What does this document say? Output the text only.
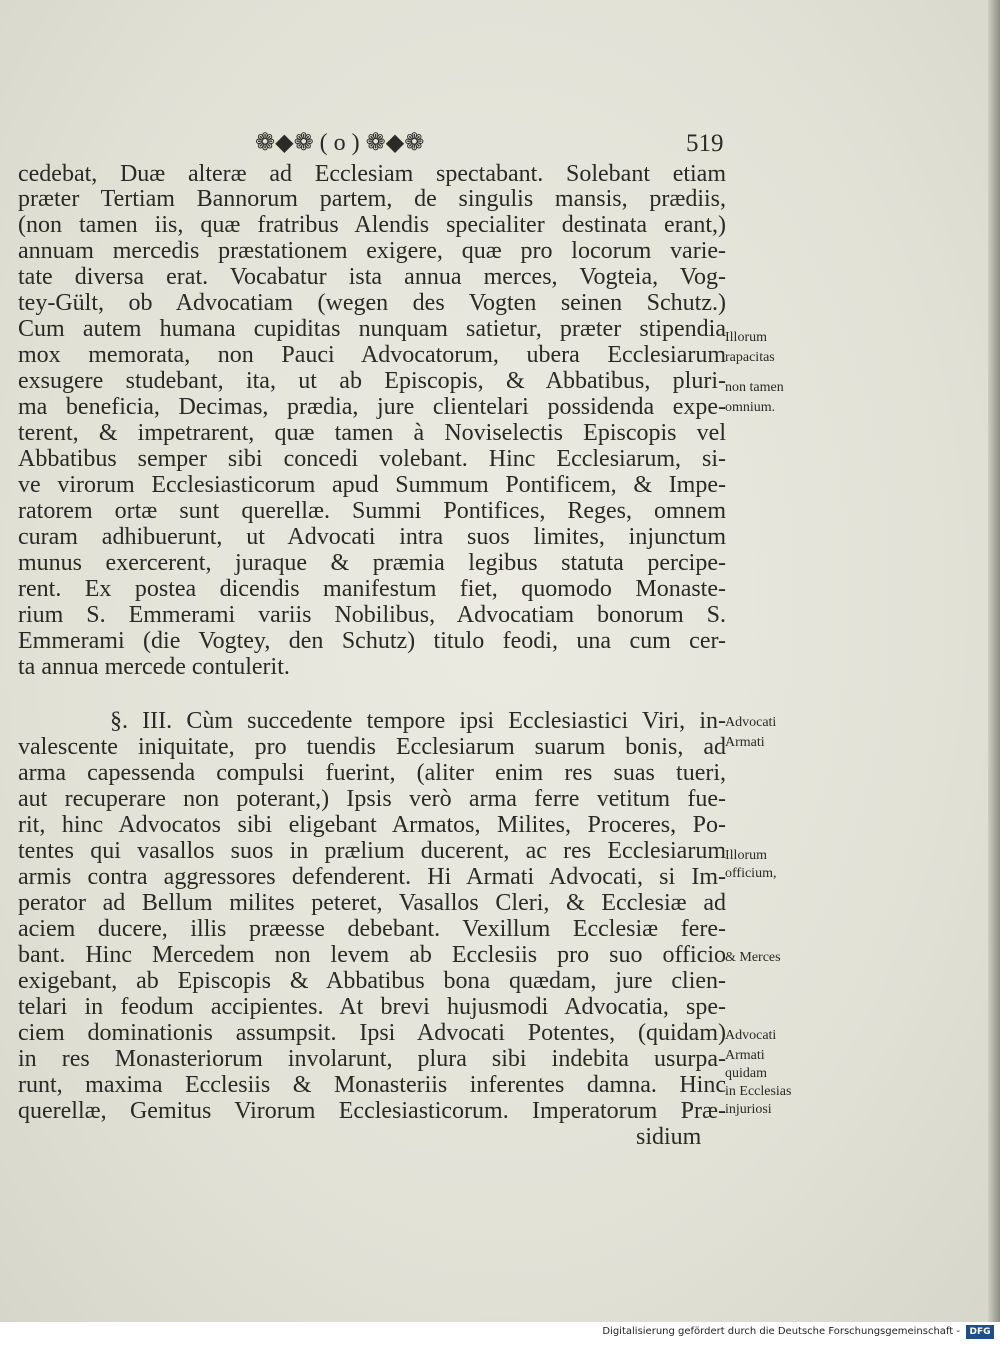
❁◆❁ ( o ) ❁◆❁	519
cedebat, Duæ alteræ ad Ecclesiam spectabant. Solebant etiam
præter Tertiam Bannorum partem, de singulis mansis, prædiis,
(non tamen iis, quæ fratribus Alendis specialiter destinata erant,)
annuam mercedis præstationem exigere, quæ pro locorum varie-
tate diversa erat. Vocabatur ista annua merces, Vogteia, Vog-
tey-Gült, ob Advocatiam (wegen des Vogten seinen Schutz.)
Cum autem humana cupiditas nunquam satietur, præter stipendia
mox memorata, non Pauci Advocatorum, ubera Ecclesiarum
exsugere studebant, ita, ut ab Episcopis, & Abbatibus, pluri-
ma beneficia, Decimas, prædia, jure clientelari possidenda expe-
terent, & impetrarent, quæ tamen à Noviselectis Episcopis vel
Abbatibus semper sibi concedi volebant. Hinc Ecclesiarum, si-
ve virorum Ecclesiasticorum apud Summum Pontificem, & Impe-
ratorem ortæ sunt querellæ. Summi Pontifices, Reges, omnem
curam adhibuerunt, ut Advocati intra suos limites, injunctum
munus exercerent, juraque & præmia legibus statuta percipe-
rent. Ex postea dicendis manifestum fiet, quomodo Monaste-
rium S. Emmerami variis Nobilibus, Advocatiam bonorum S.
Emmerami (die Vogtey, den Schutz) titulo feodi, una cum cer-
ta annua mercede contulerit.
Illorum
rapacitas
non tamen
omnium.
§. III. Cùm succedente tempore ipsi Ecclesiastici Viri, in-
valescente iniquitate, pro tuendis Ecclesiarum suarum bonis, ad
arma capessenda compulsi fuerint, (aliter enim res suas tueri,
aut recuperare non poterant,) Ipsis verò arma ferre vetitum fue-
rit, hinc Advocatos sibi eligebant Armatos, Milites, Proceres, Po-
tentes qui vasallos suos in prælium ducerent, ac res Ecclesiarum
armis contra aggressores defenderent. Hi Armati Advocati, si Im-
perator ad Bellum milites peteret, Vasallos Cleri, & Ecclesiæ ad
aciem ducere, illis præesse debebant. Vexillum Ecclesiæ fere-
bant. Hinc Mercedem non levem ab Ecclesiis pro suo officio
exigebant, ab Episcopis & Abbatibus bona quædam, jure clien-
telari in feodum accipientes. At brevi hujusmodi Advocatia, spe-
ciem dominationis assumpsit. Ipsi Advocati Potentes, (quidam)
in res Monasteriorum involarunt, plura sibi indebita usurpa-
runt, maxima Ecclesiis & Monasteriis inferentes damna. Hinc
querellæ, Gemitus Virorum Ecclesiasticorum. Imperatorum Præ-
sidium
Advocati
Armati
Illorum
officium,
& Merces
Advocati
Armati
quidam
in Ecclesias
injuriosi
Digitalisierung gefördert durch die Deutsche Forschungsgemeinschaft -	DFG
